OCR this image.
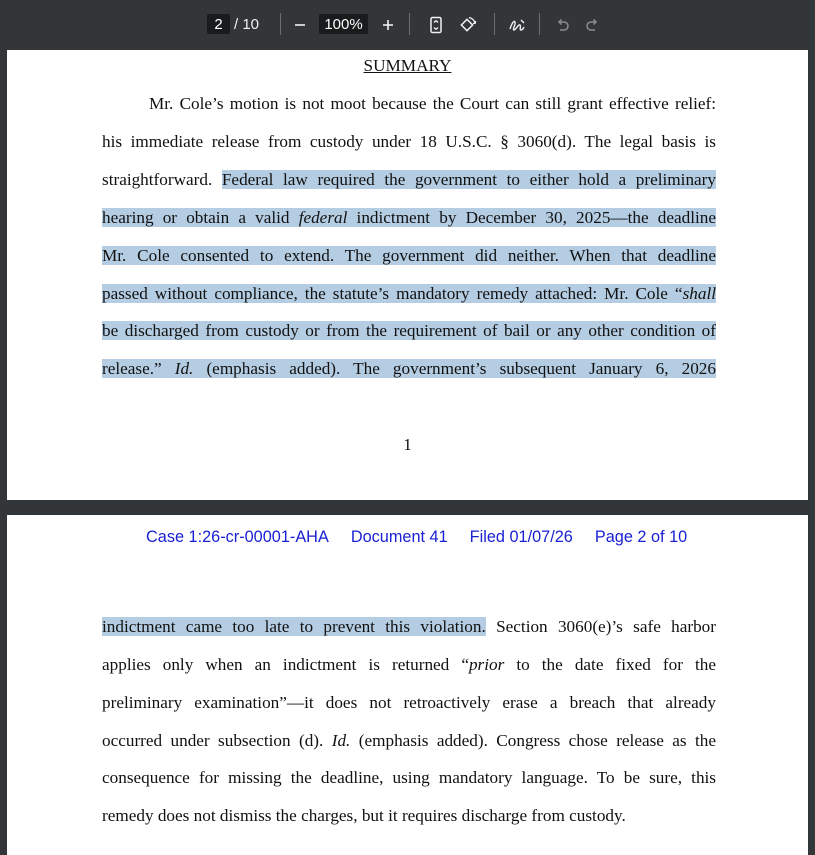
2 / 10	100%
SUMMARY
Mr. Cole’s motion is not moot because the Court can still grant effective relief:
his immediate release from custody under 18 U.S.C. § 3060(d). The legal basis is
straightforward. Federal law required the government to either hold a preliminary
hearing or obtain a valid federal indictment by December 30, 2025—the deadline
Mr. Cole consented to extend. The government did neither. When that deadline
passed without compliance, the statute’s mandatory remedy attached: Mr. Cole “shall
be discharged from custody or from the requirement of bail or any other condition of
release.” Id. (emphasis added). The government’s subsequent January 6, 2026
1
Case 1:26-cr-00001-AHA Document 41 Filed 01/07/26 Page 2 of 10
indictment came too late to prevent this violation. Section 3060(e)’s safe harbor
applies only when an indictment is returned “prior to the date fixed for the
preliminary examination”—it does not retroactively erase a breach that already
occurred under subsection (d). Id. (emphasis added). Congress chose release as the
consequence for missing the deadline, using mandatory language. To be sure, this
remedy does not dismiss the charges, but it requires discharge from custody.
